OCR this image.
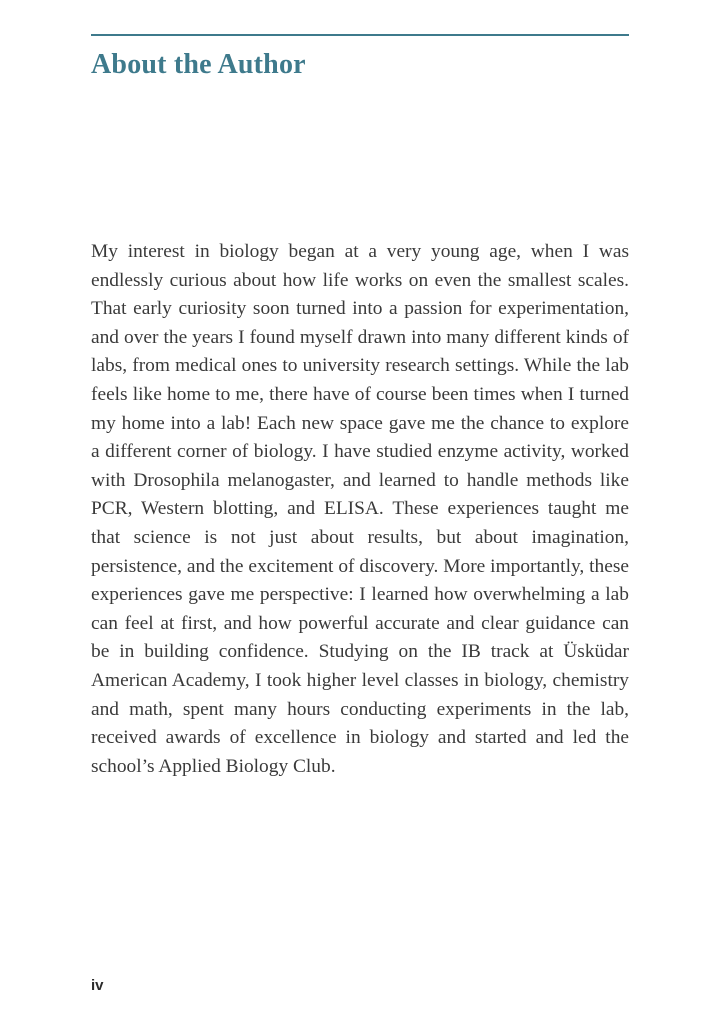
About the Author

My interest in biology began at a very young age, when I was endlessly curious about how life works on even the smallest scales. That early curiosity soon turned into a passion for experimentation, and over the years I found myself drawn into many different kinds of labs, from medical ones to university research settings. While the lab feels like home to me, there have of course been times when I turned my home into a lab! Each new space gave me the chance to explore a different corner of biology. I have studied enzyme activity, worked with Drosophila melanogaster, and learned to handle methods like PCR, Western blotting, and ELISA. These experiences taught me that science is not just about results, but about imagination, persistence, and the excitement of discovery. More importantly, these experiences gave me perspective: I learned how overwhelming a lab can feel at first, and how powerful accurate and clear guidance can be in building confidence. Studying on the IB track at Üsküdar American Academy, I took higher level classes in biology, chemistry and math, spent many hours conducting experiments in the lab, received awards of excellence in biology and started and led the school’s Applied Biology Club.

iv
